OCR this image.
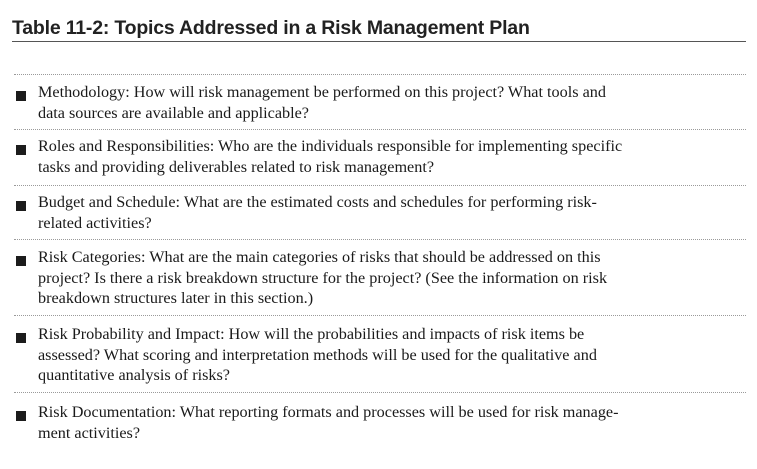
Table 11-2: Topics Addressed in a Risk Management Plan

Methodology: How will risk management be performed on this project? What tools and
data sources are available and applicable?

Roles and Responsibilities: Who are the individuals responsible for implementing specific
tasks and providing deliverables related to risk management?

Budget and Schedule: What are the estimated costs and schedules for performing risk-
related activities?

Risk Categories: What are the main categories of risks that should be addressed on this
project? Is there a risk breakdown structure for the project? (See the information on risk
breakdown structures later in this section.)

Risk Probability and Impact: How will the probabilities and impacts of risk items be
assessed? What scoring and interpretation methods will be used for the qualitative and
quantitative analysis of risks?

Risk Documentation: What reporting formats and processes will be used for risk manage-
ment activities?
